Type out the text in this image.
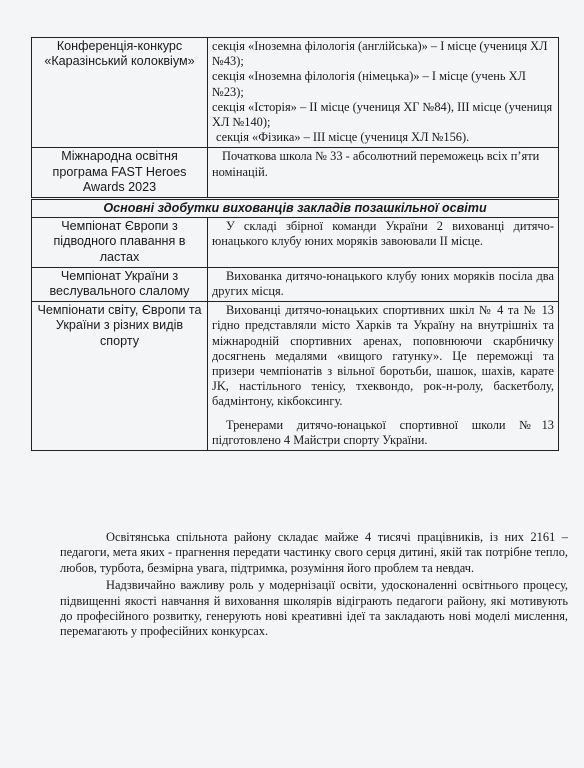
Конференція-конкурс «Каразінський колоквіум»	секція «Іноземна філологія (англійська)» – І місце (учениця ХЛ №43);
секція «Іноземна філологія (німецька)» – І місце (учень ХЛ №23);
секція «Історія» – ІІ місце (учениця ХГ №84), ІІІ місце (учениця ХЛ №140);
секція «Фізика» – ІІІ місце (учениця ХЛ №156).

Міжнародна освітня програма FAST Heroes Awards 2023	Початкова школа № 33 - абсолютний переможець всіх п’яти номінацій.

Основні здобутки вихованців закладів позашкільної освіти	
Чемпіонат Європи з підводного плавання в ластах	У складі збірної команди України 2 вихованці дитячо-юнацького клубу юних моряків завоювали ІІ місце.

Чемпіонат України з веслувального слалому	Вихованка дитячо-юнацького клубу юних моряків посіла два других місця.

Чемпіонати світу, Європи та України з різних видів спорту	Вихованці дитячо-юнацьких спортивних шкіл № 4 та № 13 гідно представляли місто Харків та Україну на внутрішніх та міжнародній спортивних аренах, поповнюючи скарбничку досягнень медалями «вищого гатунку». Це переможці та призери чемпіонатів з вільної боротьби, шашок, шахів, карате JK, настільного тенісу, тхеквондо, рок-н-ролу, баскетболу, бадмінтону, кікбоксингу.
Тренерами дитячо-юнацької спортивної школи №13 підготовлено 4 Майстри спорту України.

Освітянська спільнота району складає майже 4 тисячі працівників, із них 2161 – педагоги, мета яких - прагнення передати частинку свого серця дитині, якій так потрібне тепло, любов, турбота, безмірна увага, підтримка, розуміння його проблем та невдач.

Надзвичайно важливу роль у модернізації освіти, удосконаленні освітнього процесу, підвищенні якості навчання й виховання школярів відіграють педагоги району, які мотивують до професійного розвитку, генерують нові креативні ідеї та закладають нові моделі мислення, перемагають у професійних конкурсах.
